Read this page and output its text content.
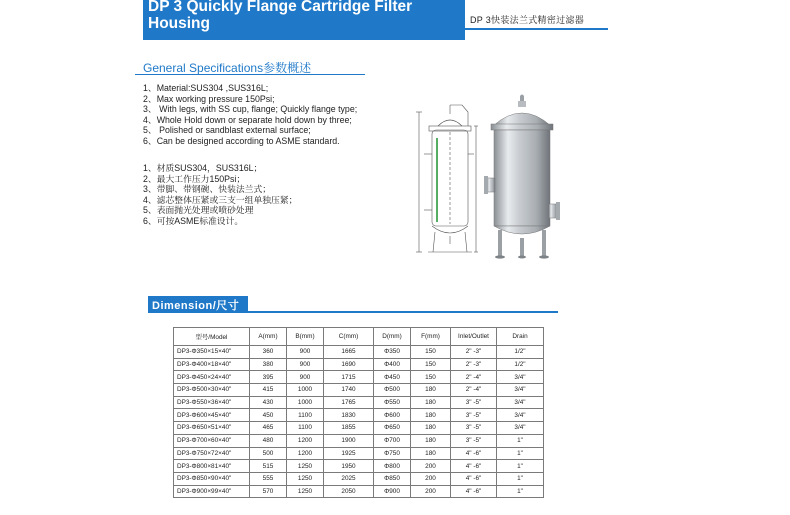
DP 3 Quickly Flange Cartridge Filter Housing	DP 3快装法兰式精密过滤器
General Specifications参数概述
1、Material:SUS304 ,SUS316L;
2、Max working pressure 150Psi;
3、 With legs, with SS cup, flange; Quickly flange type;
4、Whole Hold down or separate hold down by three;
5、 Polished or sandblast external surface;
6、Can be designed according to ASME standard.
1、材质SUS304，SUS316L；
2、最大工作压力150Psi；
3、带脚、带钢碗、快装法兰式；
4、滤芯整体压紧或三支一组单独压紧；
5、表面抛光处理或喷砂处理
6、可按ASME标准设计。
Dimension/尺寸
型号/Model	A(mm)	B(mm)	C(mm)	D(mm)	F(mm)	Inlet/Outlet	Drain
DP3-Φ350×15×40"	360	900	1665	Φ350	150	2" -3"	1/2"
DP3-Φ400×18×40"	380	900	1690	Φ400	150	2" -3"	1/2"
DP3-Φ450×24×40"	395	900	1715	Φ450	150	2" -4"	3/4"
DP3-Φ500×30×40"	415	1000	1740	Φ500	180	2" -4"	3/4"
DP3-Φ550×36×40"	430	1000	1765	Φ550	180	3" -5"	3/4"
DP3-Φ600×45×40"	450	1100	1830	Φ600	180	3" -5"	3/4"
DP3-Φ650×51×40"	465	1100	1855	Φ650	180	3" -5"	3/4"
DP3-Φ700×60×40"	480	1200	1900	Φ700	180	3" -5"	1"
DP3-Φ750×72×40"	500	1200	1925	Φ750	180	4" -6"	1"
DP3-Φ800×81×40"	515	1250	1950	Φ800	200	4" -6"	1"
DP3-Φ850×90×40"	555	1250	2025	Φ850	200	4" -6"	1"
DP3-Φ900×99×40"	570	1250	2050	Φ900	200	4" -6"	1"
